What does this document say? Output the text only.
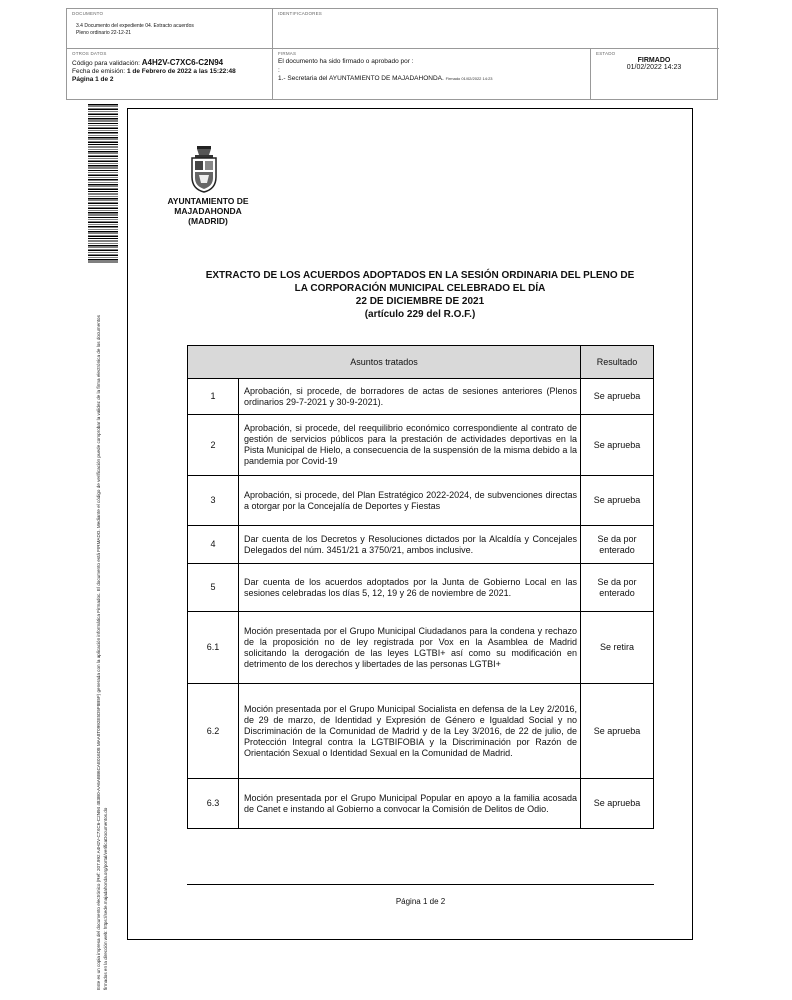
DOCUMENTO
3.4 Documento del expediente 04. Extracto acuerdos Pleno ordinario 22-12-21
IDENTIFICADORES
OTROS DATOS
Código para validación: A4H2V-C7XC6-C2N94
Fecha de emisión: 1 de Febrero de 2022 a las 15:22:48
Página 1 de 2
FIRMAS
El documento ha sido firmado o aprobado por :
:
1.- Secretaria del AYUNTAMIENTO DE MAJADAHONDA. Firmado 01/02/2022 14:23
ESTADO
FIRMADO
01/02/2022 14:23
Este es un copia impresa del documento electrónico (Ref: 207.992 A4H2V-C7XC6-C2N94 483B0-AA6ABB6CAE016D8 MAA8T0992E5D5F8B5F) generada con la aplicación informática Firmadoc. El documento está FIRMADO. Mediante el código de verificación puede comprobar la validez de la firma electrónica de los documentos firmados en la dirección web: https://sede.majadahonda.org/portal/verificaDocumentos.do
AYUNTAMIENTO DE
MAJADAHONDA
(MADRID)
EXTRACTO DE LOS ACUERDOS ADOPTADOS EN LA SESIÓN ORDINARIA DEL PLENO DE
LA CORPORACIÓN MUNICIPAL CELEBRADO EL DÍA
22 DE DICIEMBRE DE 2021
(artículo 229 del R.O.F.)
Asuntos tratados		Resultado
1	Aprobación, si procede, de borradores de actas de sesiones anteriores (Plenos ordinarios 29-7-2021 y 30-9-2021).	Se aprueba
2	Aprobación, si procede, del reequilibrio económico correspondiente al contrato de gestión de servicios públicos para la prestación de actividades deportivas en la Pista Municipal de Hielo, a consecuencia de la suspensión de la misma debido a la pandemia por Covid-19	Se aprueba
3	Aprobación, si procede, del Plan Estratégico 2022-2024, de subvenciones directas a otorgar por la Concejalía de Deportes y Fiestas	Se aprueba
4	Dar cuenta de los Decretos y Resoluciones dictados por la Alcaldía y Concejales Delegados del núm. 3451/21 a 3750/21, ambos inclusive.	Se da por enterado
5	Dar cuenta de los acuerdos adoptados por la Junta de Gobierno Local en las sesiones celebradas los días 5, 12, 19 y 26 de noviembre de 2021.	Se da por enterado
6.1	Moción presentada por el Grupo Municipal Ciudadanos para la condena y rechazo de la proposición no de ley registrada por Vox en la Asamblea de Madrid solicitando la derogación de las leyes LGTBI+ así como su modificación en detrimento de los derechos y libertades de las personas LGTBI+	Se retira
6.2	Moción presentada por el Grupo Municipal Socialista en defensa de la Ley 2/2016, de 29 de marzo, de Identidad y Expresión de Género e Igualdad Social y no Discriminación de la Comunidad de Madrid y de la Ley 3/2016, de 22 de julio, de Protección Integral contra la LGTBIFOBIA y la Discriminación por Razón de Orientación Sexual o Identidad Sexual en la Comunidad de Madrid.	Se aprueba
6.3	Moción presentada por el Grupo Municipal Popular en apoyo a la familia acosada de Canet e instando al Gobierno a convocar la Comisión de Delitos de Odio.	Se aprueba
Página 1 de 2
